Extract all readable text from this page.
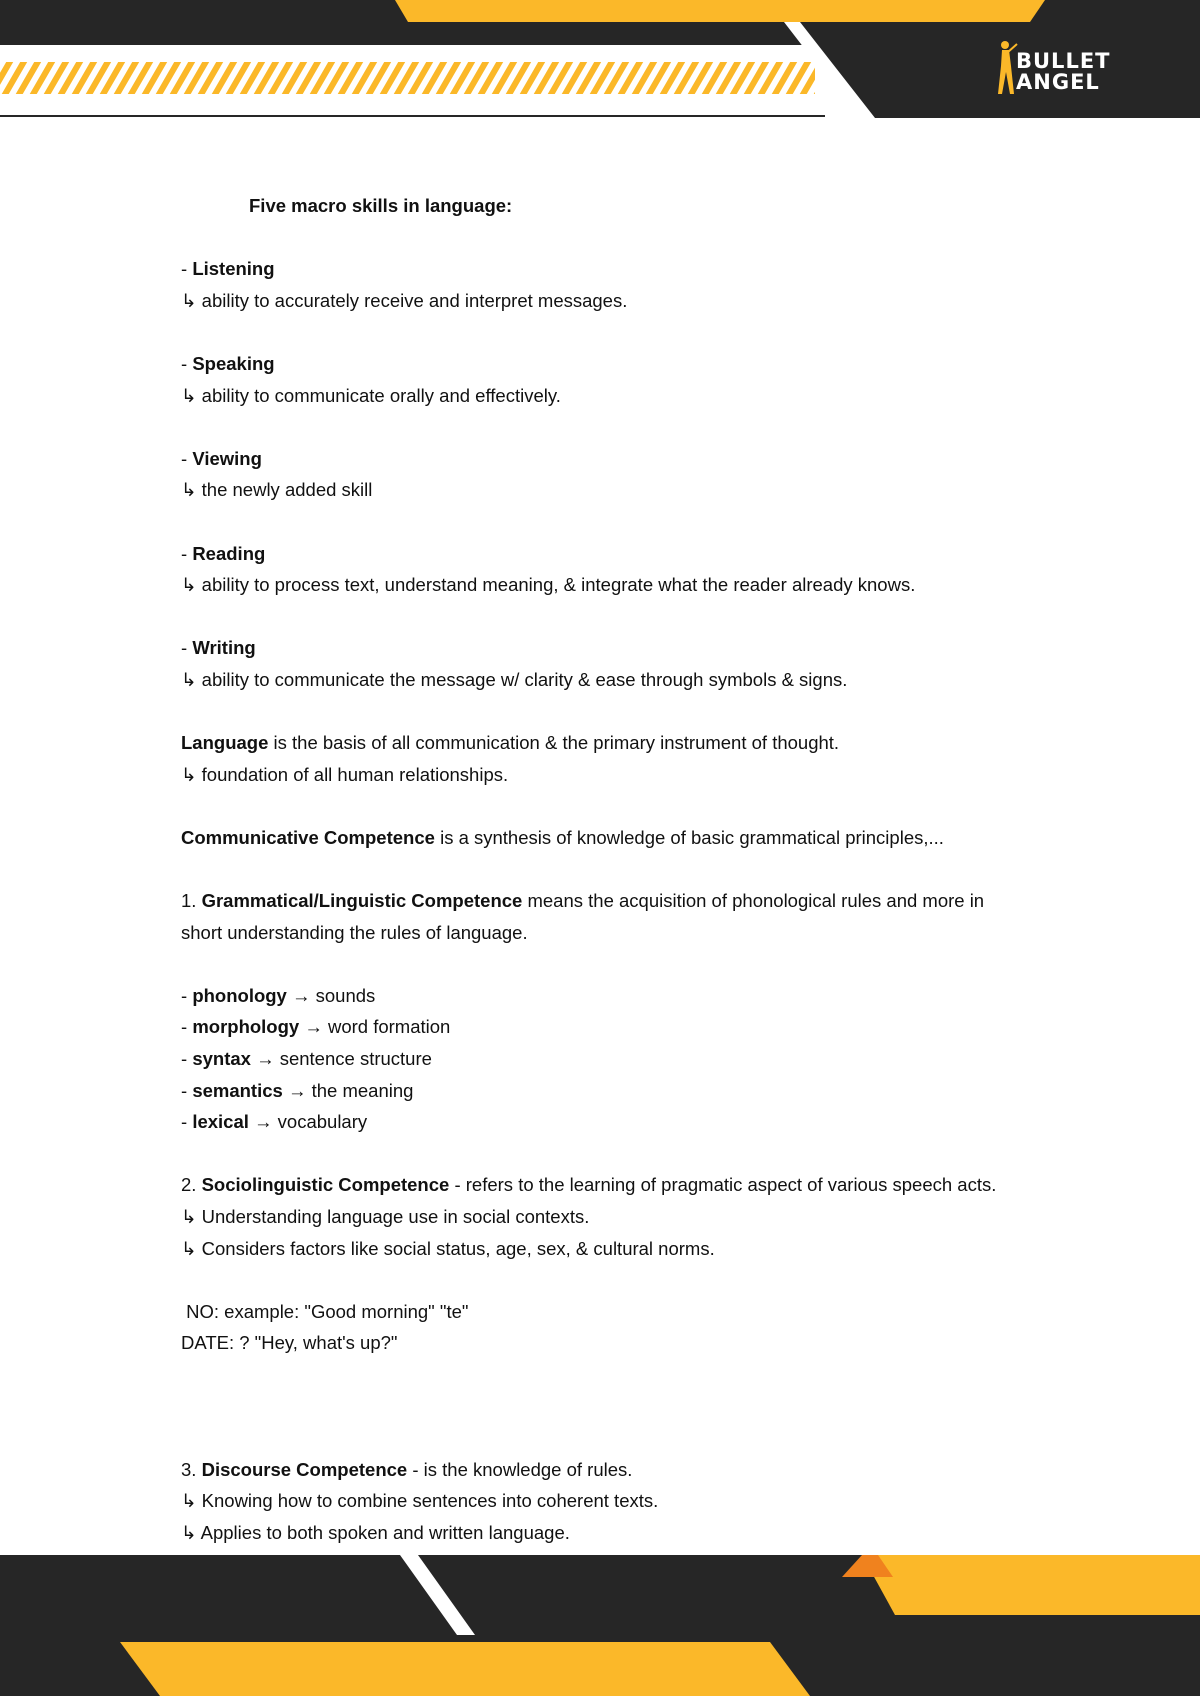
BULLET
ANGEL
Five macro skills in language:
- Listening
↳ ability to accurately receive and interpret messages.
- Speaking
↳ ability to communicate orally and effectively.
- Viewing
↳ the newly added skill
- Reading
↳ ability to process text, understand meaning, & integrate what the reader already knows.
- Writing
↳ ability to communicate the message w/ clarity & ease through symbols & signs.
Language is the basis of all communication & the primary instrument of thought.
↳ foundation of all human relationships.
Communicative Competence is a synthesis of knowledge of basic grammatical principles,...
1. Grammatical/Linguistic Competence means the acquisition of phonological rules and more in
short understanding the rules of language.
- phonology → sounds
- morphology → word formation
- syntax → sentence structure
- semantics → the meaning
- lexical → vocabulary
2. Sociolinguistic Competence - refers to the learning of pragmatic aspect of various speech acts.
↳ Understanding language use in social contexts.
↳ Considers factors like social status, age, sex, & cultural norms.
NO: example: "Good morning" "te"
DATE: ? "Hey, what's up?"
3. Discourse Competence - is the knowledge of rules.
↳ Knowing how to combine sentences into coherent texts.
↳ Applies to both spoken and written language.
